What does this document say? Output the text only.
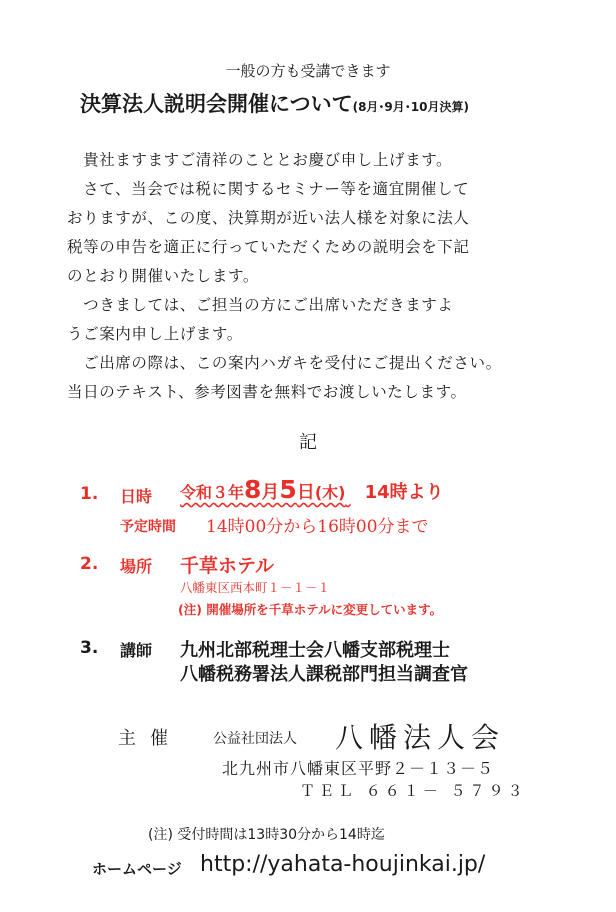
一般の方も受講できます
決算法人説明会開催について(8月･9月･10月決算)
　貴社ますますご清祥のこととお慶び申し上げます。
　さて、当会では税に関するセミナー等を適宜開催して
おりますが、この度、決算期が近い法人様を対象に法人
税等の申告を適正に行っていただくための説明会を下記
のとおり開催いたします。
　つきましては、ご担当の方にご出席いただきますよ
うご案内申し上げます。
　ご出席の際は、この案内ハガキを受付にご提出ください。
当日のテキスト、参考図書を無料でお渡しいたします。
記
1. 日時 令和３年8月5日(木) 14時より
予定時間 14時00分から16時00分まで
2. 場所 千草ホテル
八幡東区西本町１－１－１
(注) 開催場所を千草ホテルに変更しています。
3. 講師 九州北部税理士会八幡支部税理士
八幡税務署法人課税部門担当調査官
主催 公益社団法人 八幡法人会
北九州市八幡東区平野２－１３－５
ＴＥＬ ６６１－ ５７９３
(注) 受付時間は13時30分から14時迄
ホームページ http://yahata-houjinkai.jp/
